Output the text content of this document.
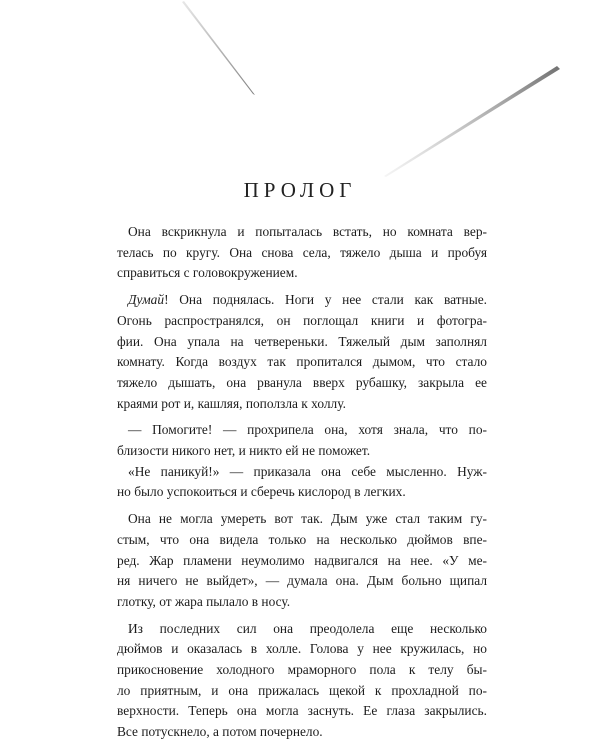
ПРОЛОГ
Она вскрикнула и попыталась встать, но комната вер-
телась по кругу. Она снова села, тяжело дыша и пробуя
справиться с головокружением.
Думай! Она поднялась. Ноги у нее стали как ватные.
Огонь распространялся, он поглощал книги и фотогра-
фии. Она упала на четвереньки. Тяжелый дым заполнял
комнату. Когда воздух так пропитался дымом, что стало
тяжело дышать, она рванула вверх рубашку, закрыла ее
краями рот и, кашляя, поползла к холлу.
— Помогите! — прохрипела она, хотя знала, что по-
близости никого нет, и никто ей не поможет.
«Не паникуй!» — приказала она себе мысленно. Нуж-
но было успокоиться и сберечь кислород в легких.
Она не могла умереть вот так. Дым уже стал таким гу-
стым, что она видела только на несколько дюймов впе-
ред. Жар пламени неумолимо надвигался на нее. «У ме-
ня ничего не выйдет», — думала она. Дым больно щипал
глотку, от жара пылало в носу.
Из последних сил она преодолела еще несколько
дюймов и оказалась в холле. Голова у нее кружилась, но
прикосновение холодного мраморного пола к телу бы-
ло приятным, и она прижалась щекой к прохладной по-
верхности. Теперь она могла заснуть. Ее глаза закрылись.
Все потускнело, а потом почернело.
